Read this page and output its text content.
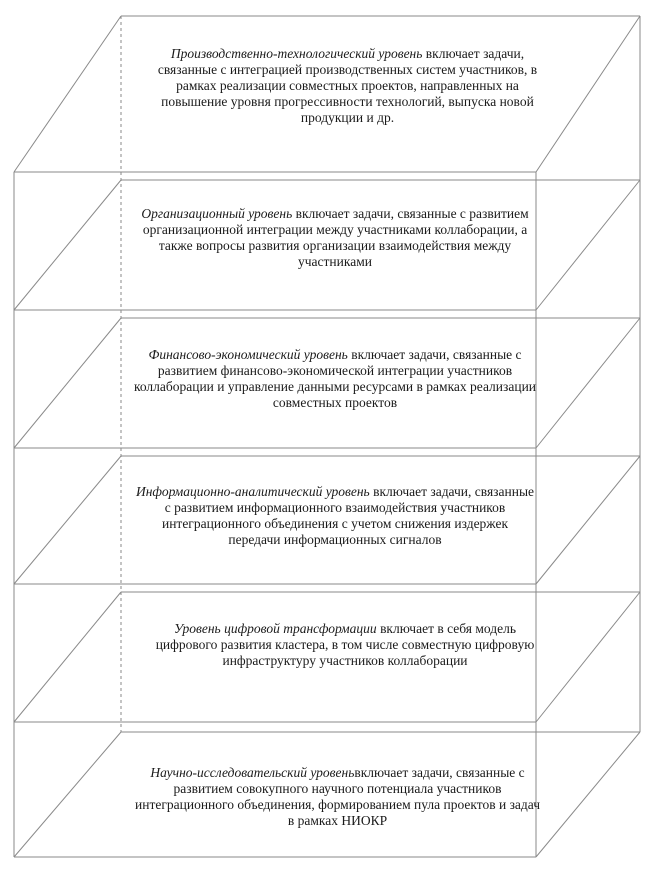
Производственно-технологический уровень включает задачи, связанные с интеграцией производственных систем участников, в рамках реализации совместных проектов, направленных на повышение уровня прогрессивности технологий, выпуска новой продукции и др.
Организационный уровень включает задачи, связанные с развитием организационной интеграции между участниками коллаборации, а также вопросы развития организации взаимодействия между участниками
Финансово-экономический уровень включает задачи, связанные с развитием финансово-экономической интеграции участников коллаборации и управление данными ресурсами в рамках реализации совместных проектов
Информационно-аналитический уровень включает задачи, связанные с развитием информационного взаимодействия участников интеграционного объединения с учетом снижения издержек передачи информационных сигналов
Уровень цифровой трансформации включает в себя модель цифрового развития кластера, в том числе совместную цифровую инфраструктуру участников коллаборации
Научно-исследовательский уровеньвключает задачи, связанные с развитием совокупного научного потенциала участников интеграционного объединения, формированием пула проектов и задач в рамках НИОКР
